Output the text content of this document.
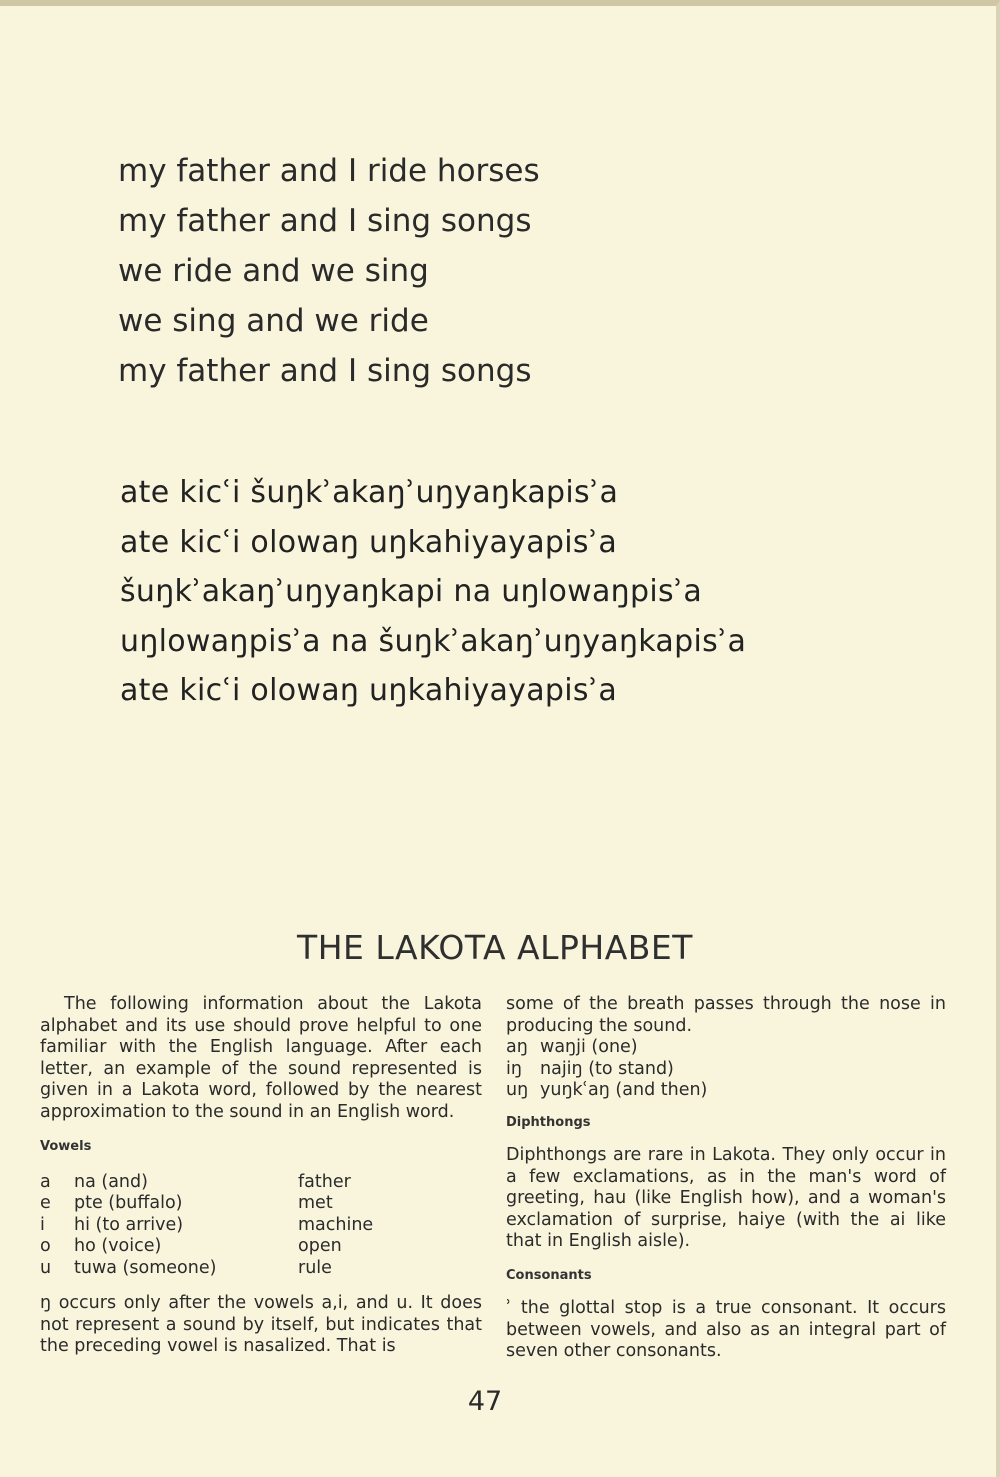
my father and I ride horses
my father and I sing songs
we ride and we sing
we sing and we ride
my father and I sing songs
ate kicʿi šuŋkʾakaŋʾuŋyaŋkapisʾa
ate kicʿi olowaŋ uŋkahiyayapisʾa
šuŋkʾakaŋʾuŋyaŋkapi na uŋlowaŋpisʾa
uŋlowaŋpisʾa na šuŋkʾakaŋʾuŋyaŋkapisʾa
ate kicʿi olowaŋ uŋkahiyayapisʾa
THE LAKOTA ALPHABET

The following information about the Lakota alphabet and its use should prove helpful to one familiar with the English language. After each letter, an example of the sound represented is given in a Lakota word, followed by the nearest approximation to the sound in an English word.

Vowels

a	na (and)	father
e	pte (buffalo)	met
i	hi (to arrive)	machine
o	ho (voice)	open
u	tuwa (someone)	rule

ŋ occurs only after the vowels a,i, and u. It does not represent a sound by itself, but indicates that the preceding vowel is nasalized. That is

some of the breath passes through the nose in producing the sound.

aŋ waŋji (one)
iŋ	najiŋ (to stand)
uŋ yuŋkʿaŋ (and then)

Diphthongs

Diphthongs are rare in Lakota. They only occur in a few exclamations, as in the man's word of greeting, hau (like English how), and a woman's exclamation of surprise, haiye (with the ai like that in English aisle).

Consonants

ʾ the glottal stop is a true consonant. It occurs between vowels, and also as an integral part of seven other consonants.

47
